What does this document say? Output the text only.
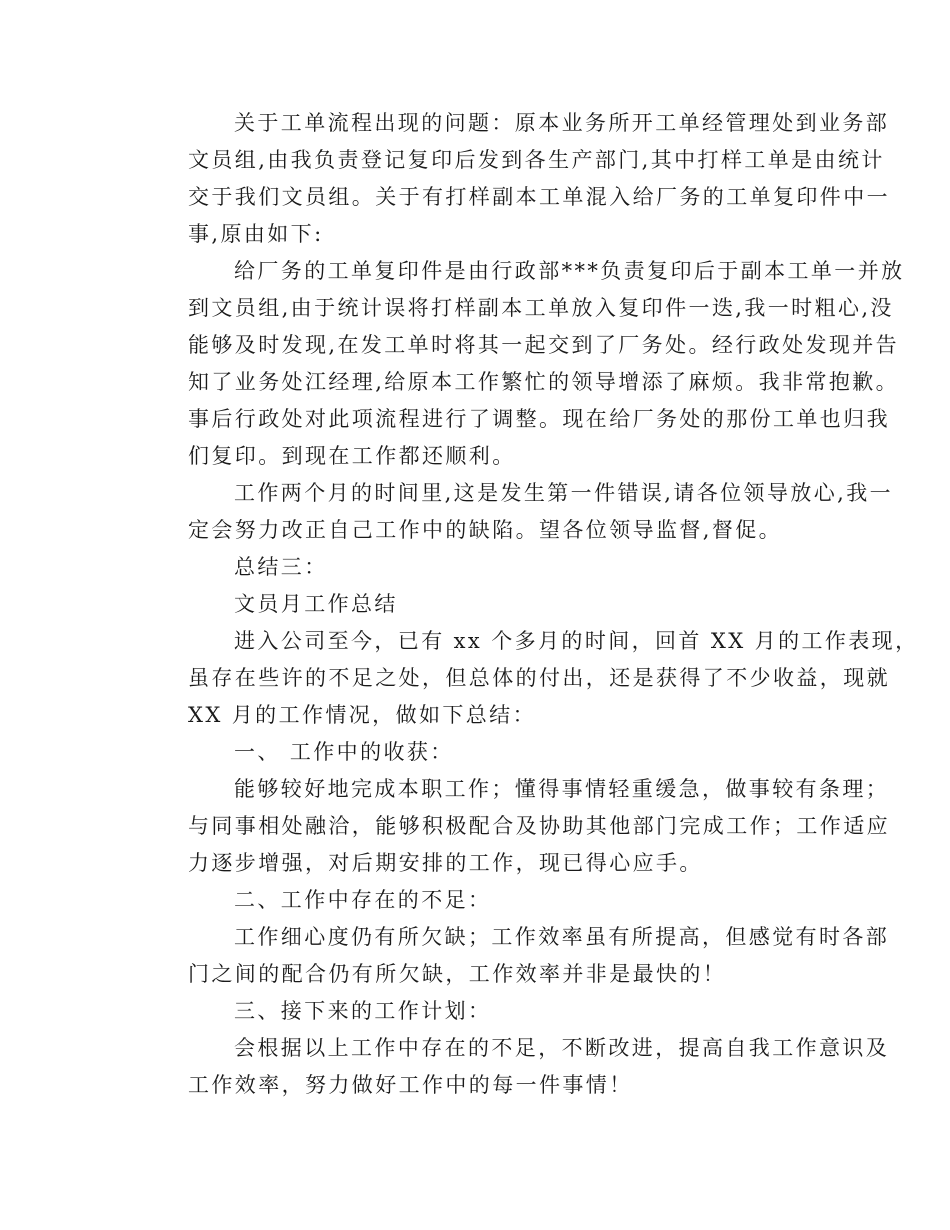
关于工单流程出现的问题：原本业务所开工单经管理处到业务部
文员组,由我负责登记复印后发到各生产部门,其中打样工单是由统计
交于我们文员组。关于有打样副本工单混入给厂务的工单复印件中一
事,原由如下:
给厂务的工单复印件是由行政部***负责复印后于副本工单一并放
到文员组,由于统计误将打样副本工单放入复印件一迭,我一时粗心,没
能够及时发现,在发工单时将其一起交到了厂务处。经行政处发现并告
知了业务处江经理,给原本工作繁忙的领导增添了麻烦。我非常抱歉。
事后行政处对此项流程进行了调整。现在给厂务处的那份工单也归我
们复印。到现在工作都还顺利。
工作两个月的时间里,这是发生第一件错误,请各位领导放心,我一
定会努力改正自己工作中的缺陷。望各位领导监督,督促。
总结三：
文员月工作总结
进入公司至今，已有 xx 个多月的时间，回首 XX 月的工作表现，
虽存在些许的不足之处，但总体的付出，还是获得了不少收益，现就
XX 月的工作情况，做如下总结：
一、 工作中的收获：
能够较好地完成本职工作；懂得事情轻重缓急，做事较有条理；
与同事相处融洽，能够积极配合及协助其他部门完成工作；工作适应
力逐步增强，对后期安排的工作，现已得心应手。
二、工作中存在的不足：
工作细心度仍有所欠缺；工作效率虽有所提高，但感觉有时各部
门之间的配合仍有所欠缺，工作效率并非是最快的！
三、接下来的工作计划：
会根据以上工作中存在的不足，不断改进，提高自我工作意识及
工作效率，努力做好工作中的每一件事情！
